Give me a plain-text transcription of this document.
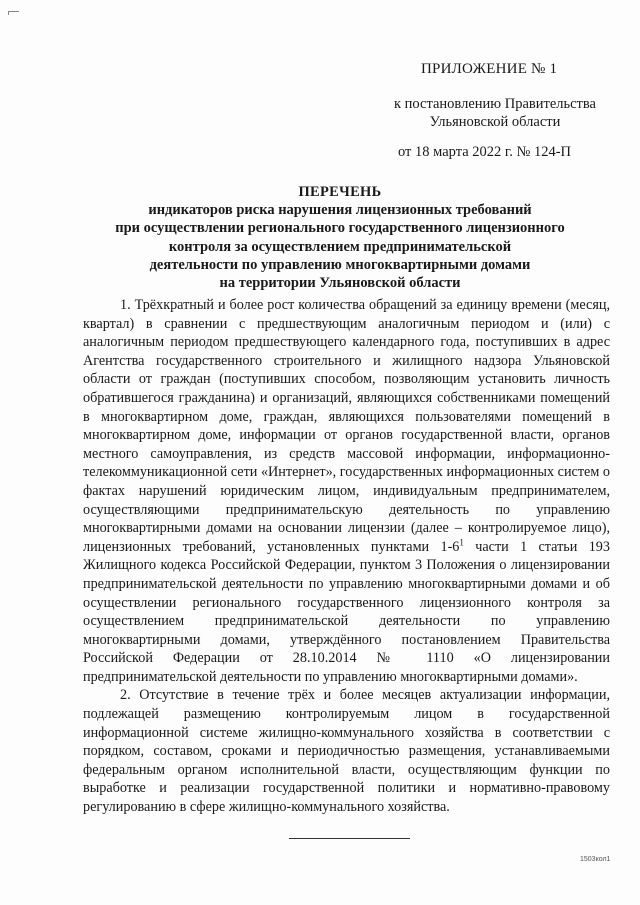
ПРИЛОЖЕНИЕ № 1
к постановлению Правительства
Ульяновской области
от 18 марта 2022 г. № 124-П
ПЕРЕЧЕНЬ
индикаторов риска нарушения лицензионных требований
при осуществлении регионального государственного лицензионного
контроля за осуществлением предпринимательской
деятельности по управлению многоквартирными домами
на территории Ульяновской области

1. Трёхкратный и более рост количества обращений за единицу времени (месяц, квартал) в сравнении с предшествующим аналогичным периодом и (или) с аналогичным периодом предшествующего календарного года, поступивших в адрес Агентства государственного строительного и жилищного надзора Ульяновской области от граждан (поступивших способом, позволяющим установить личность обратившегося гражданина) и организаций, являющихся собственниками помещений в многоквартирном доме, граждан, являющихся пользователями помещений в многоквартирном доме, информации от органов государственной власти, органов местного самоуправления, из средств массовой информации, информационно-телекоммуникационной сети «Интернет», государственных информационных систем о фактах нарушений юридическим лицом, индивидуальным предпринимателем, осуществляющими предпринимательскую деятельность по управлению многоквартирными домами на основании лицензии (далее – контролируемое лицо), лицензионных требований, установленных пунктами $1-6^1$ части 1 статьи 193 Жилищного кодекса Российской Федерации, пунктом 3 Положения о лицензировании предпринимательской деятельности по управлению многоквартирными домами и об осуществлении регионального государственного лицензионного контроля за осуществлением предпринимательской деятельности по управлению многоквартирными домами, утверждённого постановлением Правительства Российской Федерации от 28.10.2014 № 1110 «О лицензировании предпринимательской деятельности по управлению многоквартирными домами».

2. Отсутствие в течение трёх и более месяцев актуализации информации, подлежащей размещению контролируемым лицом в государственной информационной системе жилищно-коммунального хозяйства в соответствии с порядком, составом, сроками и периодичностью размещения, устанавливаемыми федеральным органом исполнительной власти, осуществляющим функции по выработке и реализации государственной политики и нормативно-правовому регулированию в сфере жилищно-коммунального хозяйства.

1503кол1
